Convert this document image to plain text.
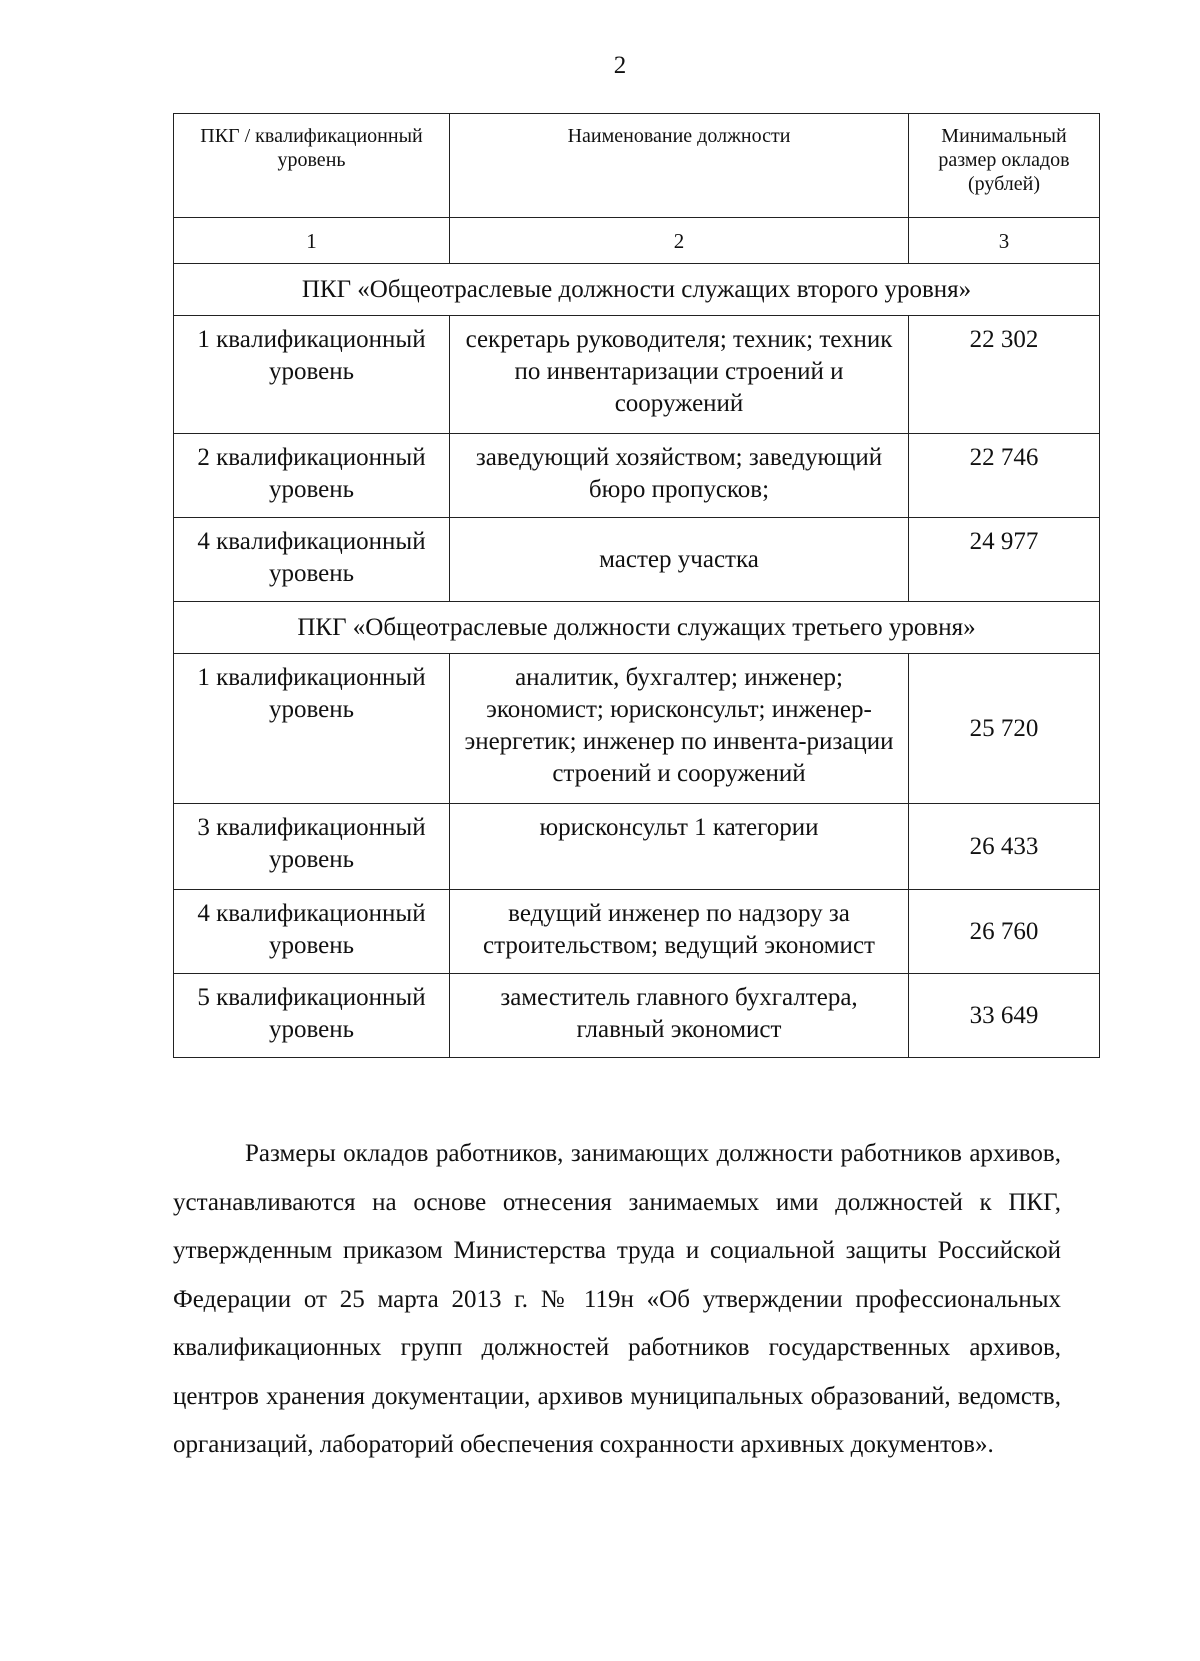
2
ПКГ / квалификационный уровень	Наименование должности	Минимальный размер окладов (рублей)
1	2	3
ПКГ «Общеотраслевые должности служащих второго уровня»		
1 квалификационный уровень	секретарь руководителя; техник; техник по инвентаризации строений и сооружений	22 302
2 квалификационный уровень	заведующий хозяйством; заведующий бюро пропусков;	22 746
4 квалификационный уровень	мастер участка	24 977
ПКГ «Общеотраслевые должности служащих третьего уровня»		
1 квалификационный уровень	аналитик, бухгалтер; инженер; экономист; юрисконсульт; инженер-энергетик; инженер по инвента-ризации строений и сооружений	25 720
3 квалификационный уровень	юрисконсульт 1 категории	26 433
4 квалификационный уровень	ведущий инженер по надзору за строительством; ведущий экономист	26 760
5 квалификационный уровень	заместитель главного бухгалтера, главный экономист	33 649

Размеры окладов работников, занимающих должности работников архивов, устанавливаются на основе отнесения занимаемых ими должностей к ПКГ, утвержденным приказом Министерства труда и социальной защиты Российской Федерации от 25 марта 2013 г. № 119н «Об утверждении профессиональных квалификационных групп должностей работников государственных архивов, центров хранения документации, архивов муниципальных образований, ведомств, организаций, лабораторий обеспечения сохранности архивных документов».
